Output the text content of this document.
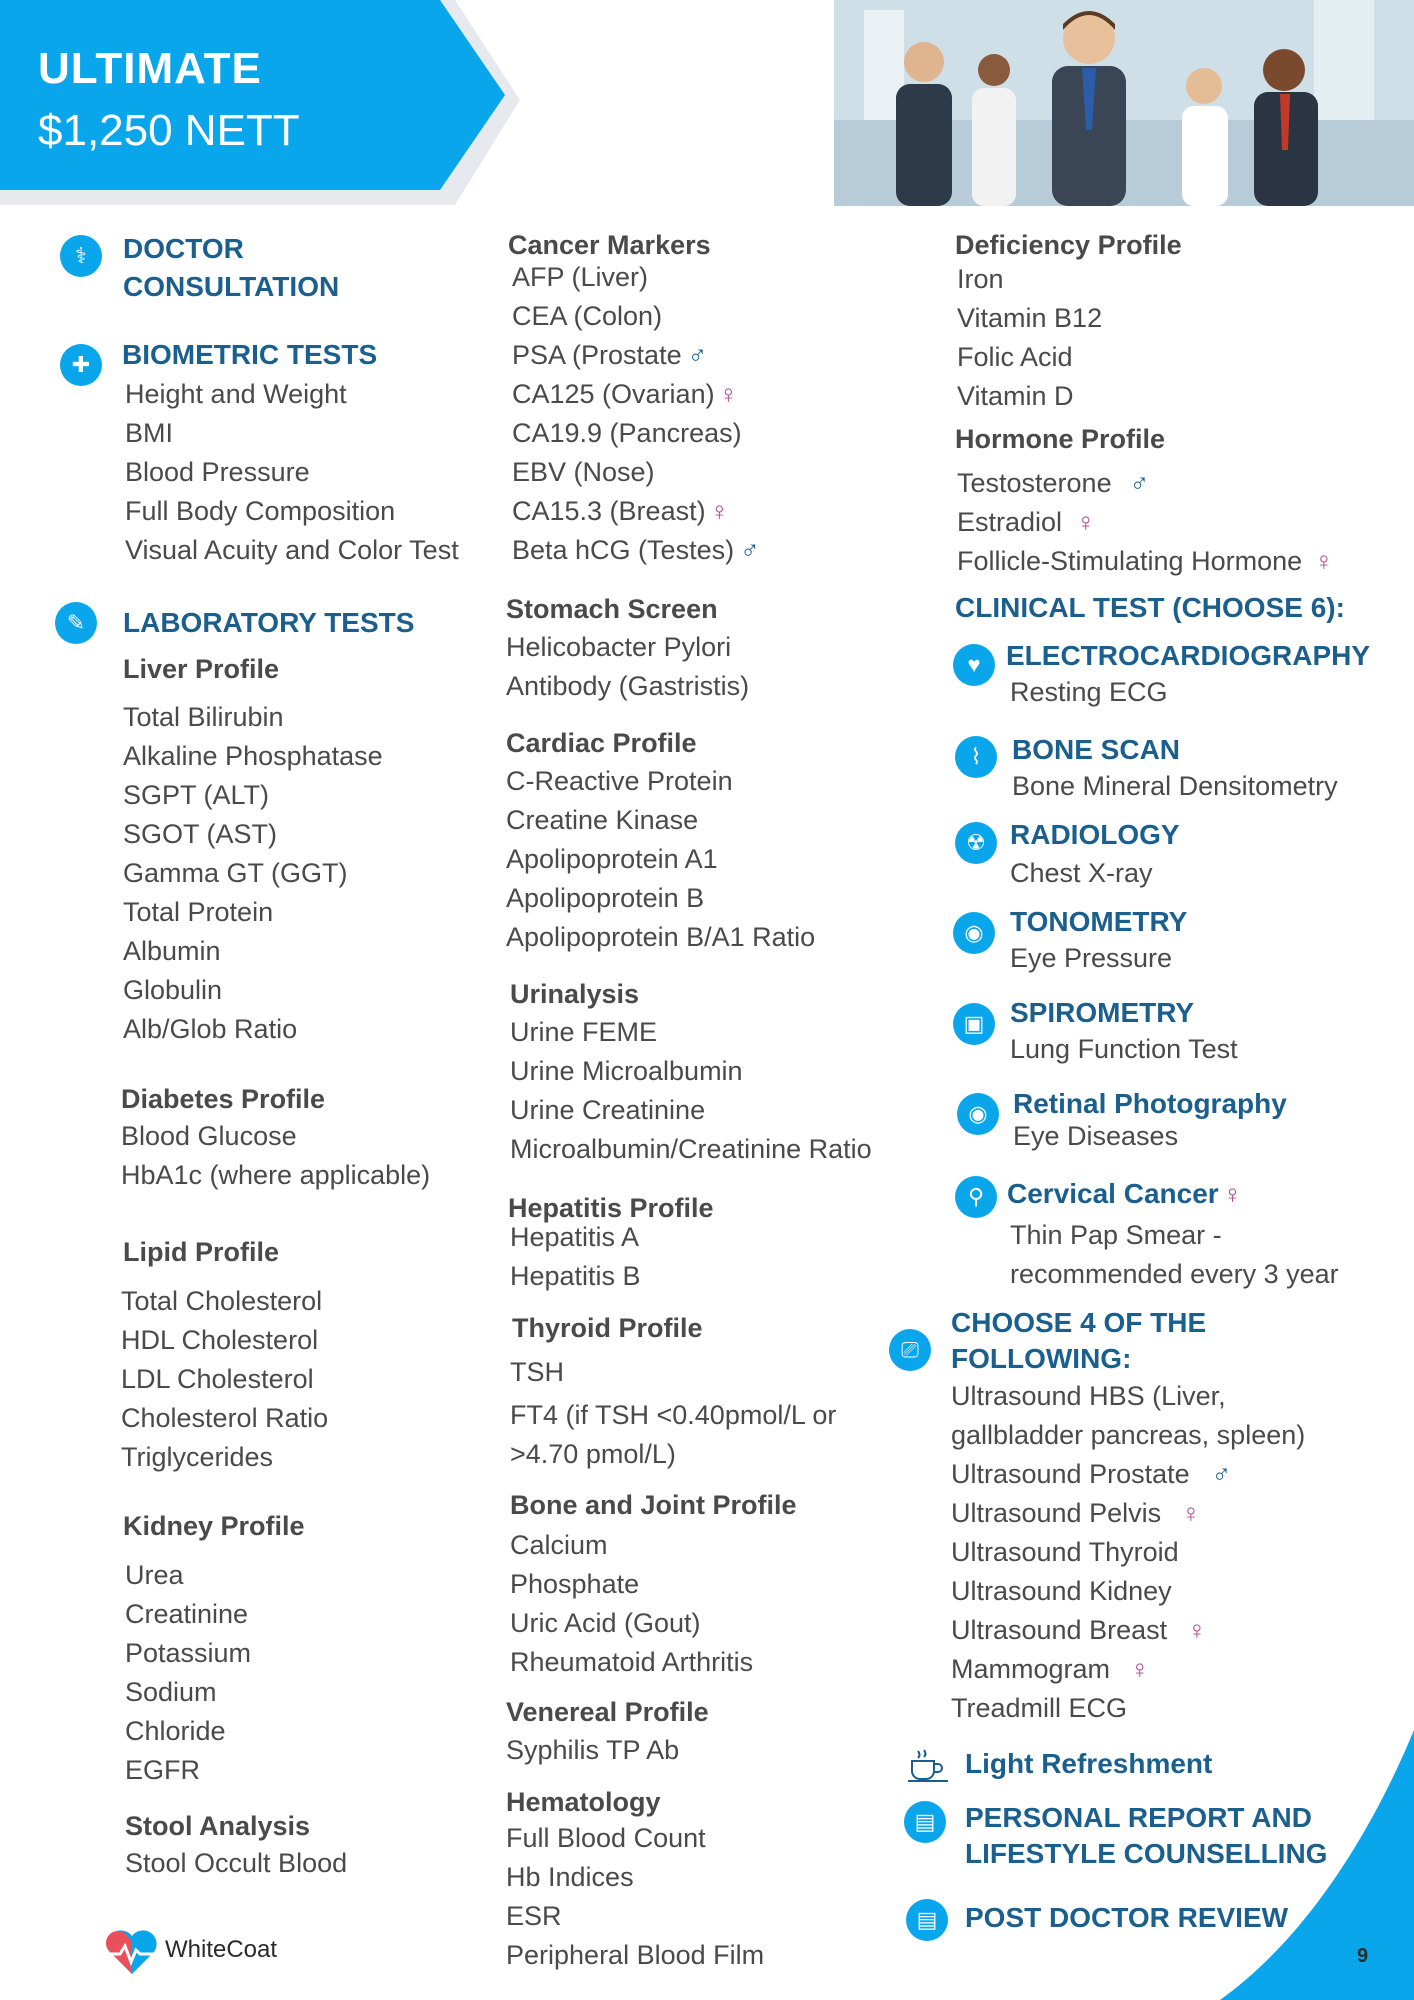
ULTIMATE
$1,250 NETT
⚕	DOCTOR
CONSULTATION
✚	BIOMETRIC TESTS
Height and Weight
BMI
Blood Pressure
Full Body Composition
Visual Acuity and Color Test
✎	LABORATORY TESTS
Liver Profile
Total Bilirubin
Alkaline Phosphatase
SGPT (ALT)
SGOT (AST)
Gamma GT (GGT)
Total Protein
Albumin
Globulin
Alb/Glob Ratio
Diabetes Profile
Blood Glucose
HbA1c (where applicable)
Lipid Profile
Total Cholesterol
HDL Cholesterol
LDL Cholesterol
Cholesterol Ratio
Triglycerides
Kidney Profile
Urea
Creatinine
Potassium
Sodium
Chloride
EGFR
Stool Analysis
Stool Occult Blood
WhiteCoat
Cancer Markers
AFP (Liver)
CEA (Colon)
PSA (Prostate ♂
CA125 (Ovarian) ♀
CA19.9 (Pancreas)
EBV (Nose)
CA15.3 (Breast) ♀
Beta hCG (Testes) ♂
Stomach Screen
Helicobacter Pylori
Antibody (Gastristis)
Cardiac Profile
C-Reactive Protein
Creatine Kinase
Apolipoprotein A1
Apolipoprotein B
Apolipoprotein B/A1 Ratio
Urinalysis
Urine FEME
Urine Microalbumin
Urine Creatinine
Microalbumin/Creatinine Ratio
Hepatitis Profile
Hepatitis A
Hepatitis B
Thyroid Profile
TSH
FT4 (if TSH <0.40pmol/L or
>4.70 pmol/L)
Bone and Joint Profile
Calcium
Phosphate
Uric Acid (Gout)
Rheumatoid Arthritis
Venereal Profile
Syphilis TP Ab
Hematology
Full Blood Count
Hb Indices
ESR
Peripheral Blood Film
Deficiency Profile
Iron
Vitamin B12
Folic Acid
Vitamin D
Hormone Profile
Testosterone ♂
Estradiol ♀
Follicle-Stimulating Hormone ♀
CLINICAL TEST (CHOOSE 6):
♥ ELECTROCARDIOGRAPHY
Resting ECG
⌇	BONE SCAN
Bone Mineral Densitometry
☢ RADIOLOGY
Chest X-ray
◉ TONOMETRY
Eye Pressure
▣ SPIROMETRY
Lung Function Test
◉ Retinal Photography
Eye Diseases
⚲ Cervical Cancer ♀
Thin Pap Smear -
recommended every 3 year
⎚
CHOOSE 4 OF THE
FOLLOWING:
Ultrasound HBS (Liver,
gallbladder pancreas, spleen)
Ultrasound Prostate ♂
Ultrasound Pelvis ♀
Ultrasound Thyroid
Ultrasound Kidney
Ultrasound Breast ♀
Mammogram ♀
Treadmill ECG
Light Refreshment
▤	PERSONAL REPORT AND
LIFESTYLE COUNSELLING
▤ POST DOCTOR REVIEW
9
